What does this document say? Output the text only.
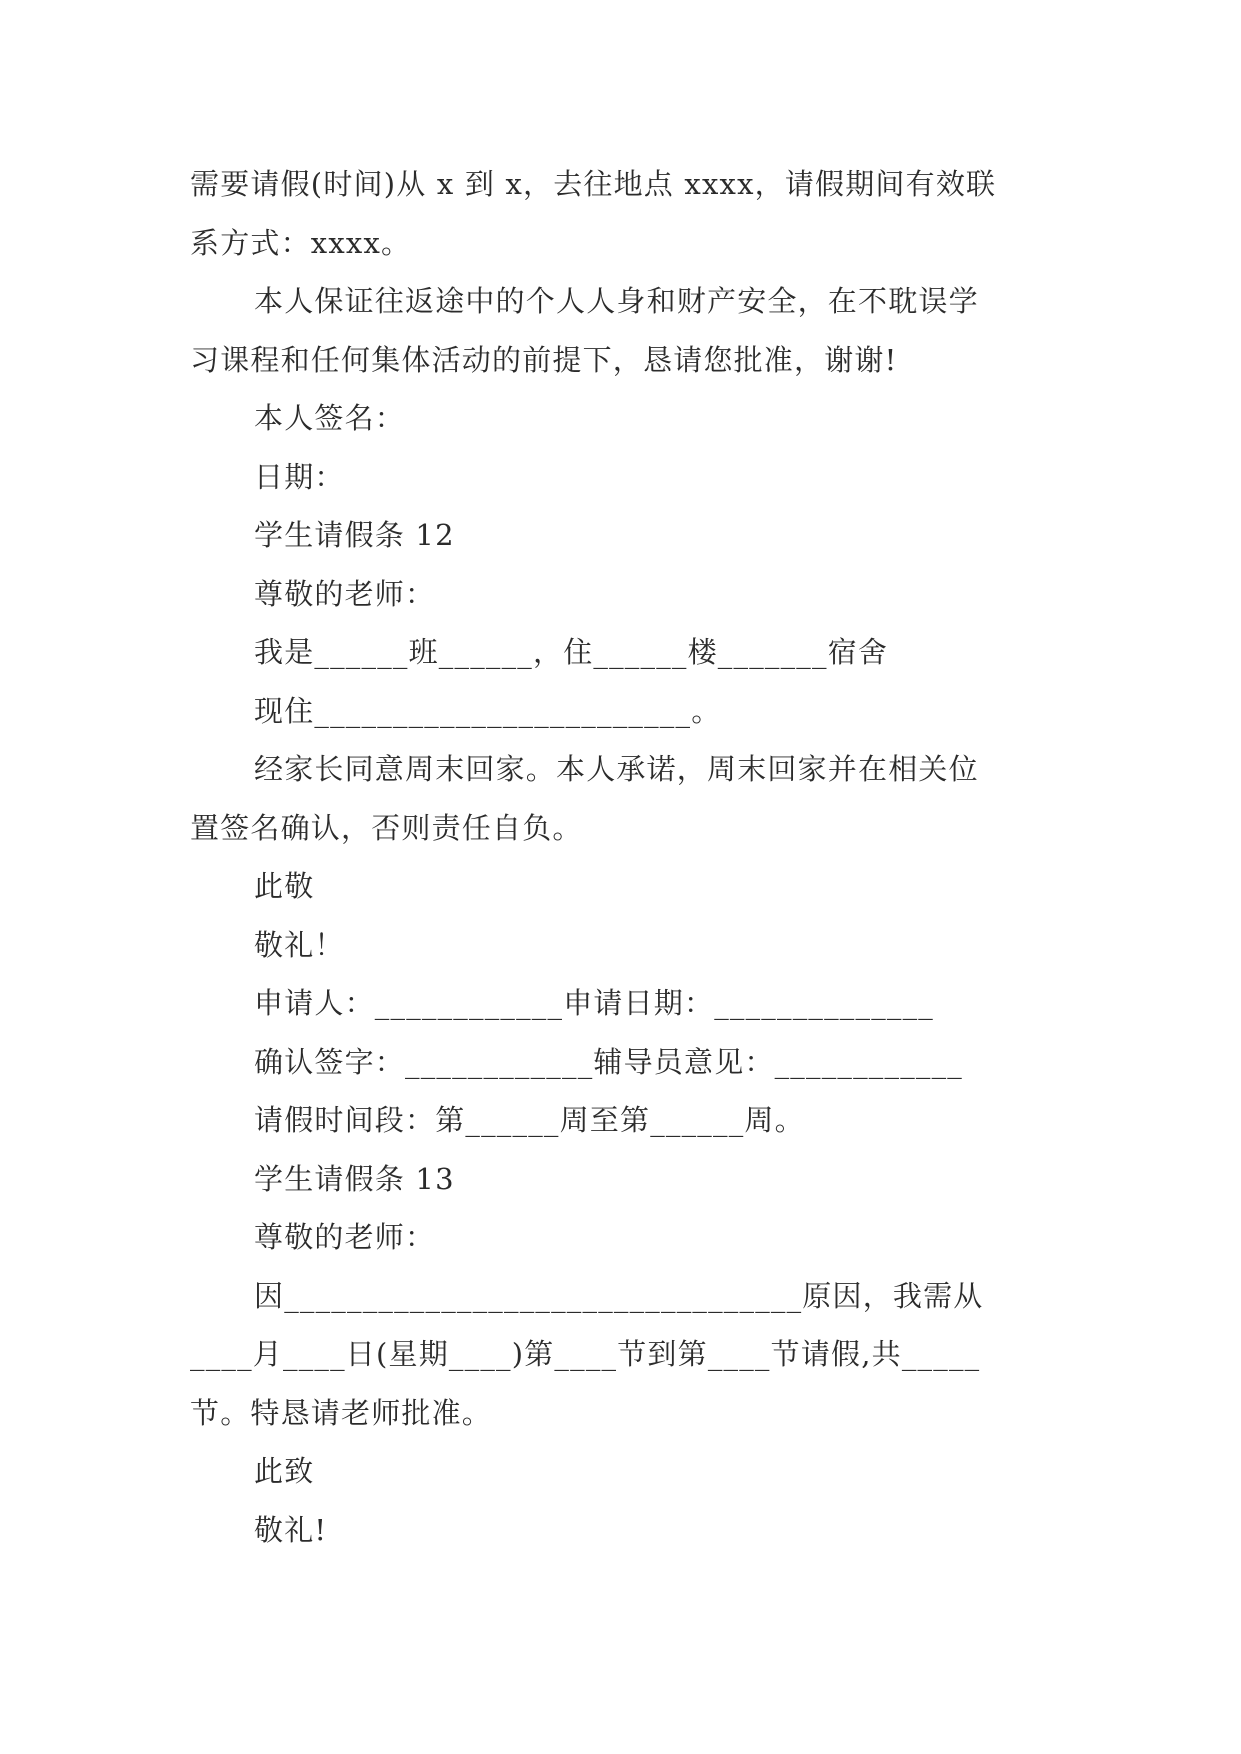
需要请假(时间)从 x 到 x，去往地点 xxxx，请假期间有效联
系方式：xxxx。
本人保证往返途中的个人人身和财产安全，在不耽误学
习课程和任何集体活动的前提下，恳请您批准，谢谢!
本人签名：
日期：
学生请假条 12
尊敬的老师：
我是______班______，住______楼_______宿舍
现住________________________。
经家长同意周末回家。本人承诺，周末回家并在相关位
置签名确认，否则责任自负。
此敬
敬礼！
申请人：____________申请日期：______________
确认签字：____________辅导员意见：____________
请假时间段：第______周至第______周。
学生请假条 13
尊敬的老师：
因_________________________________原因，我需从
____月____日(星期____)第____节到第____节请假,共_____
节。特恳请老师批准。
此致
敬礼!
